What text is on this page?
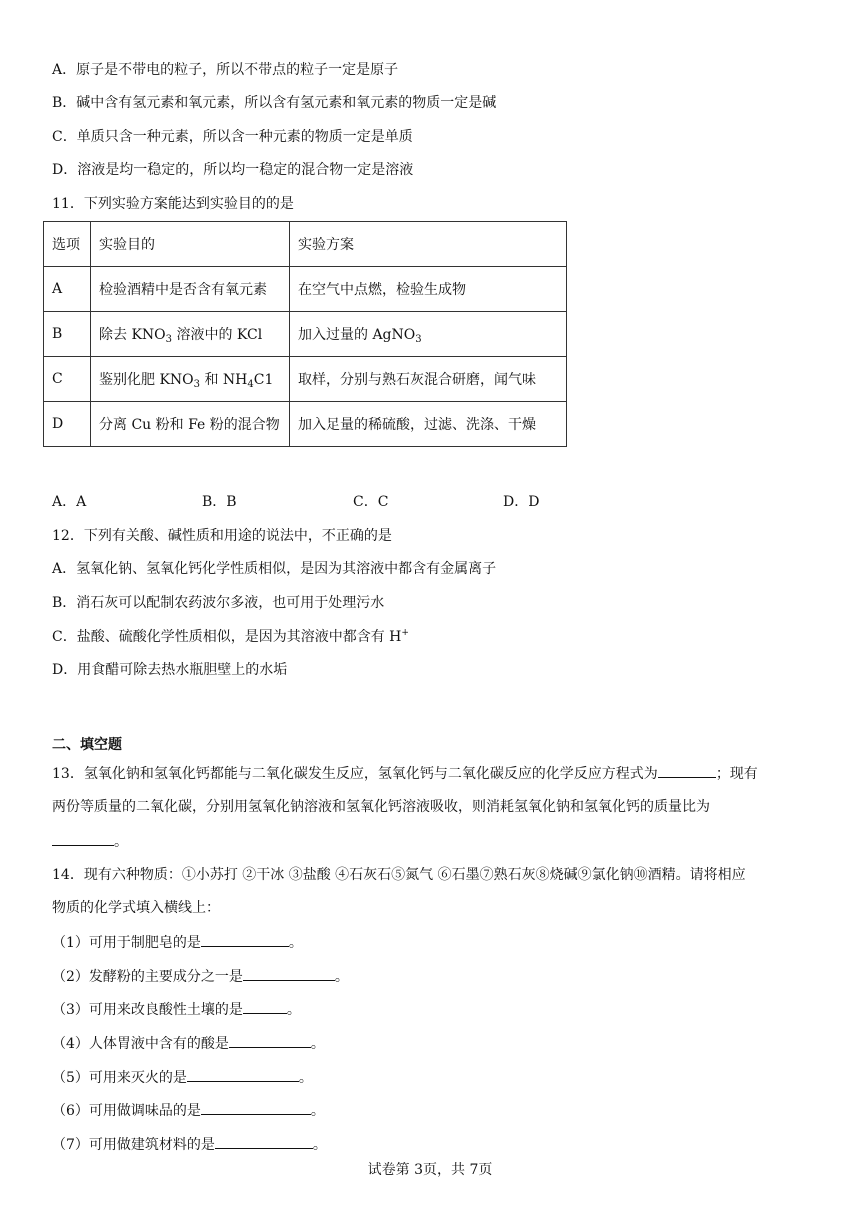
A．原子是不带电的粒子，所以不带点的粒子一定是原子
B．碱中含有氢元素和氧元素，所以含有氢元素和氧元素的物质一定是碱
C．单质只含一种元素，所以含一种元素的物质一定是单质
D．溶液是均一稳定的，所以均一稳定的混合物一定是溶液
11．下列实验方案能达到实验目的的是
选项	实验目的	实验方案
A	检验酒精中是否含有氧元素	在空气中点燃，检验生成物
B	除去 $KNO_3$ 溶液中的 KCl	加入过量的 AgNO$_3$
C	鉴别化肥 $KNO_3$ 和 $NH_4C1$	取样，分别与熟石灰混合研磨，闻气味
D	分离 Cu 粉和 Fe 粉的混合物	加入足量的稀硫酸，过滤、洗涤、干燥
A．A	B．B	C．C	D．D
12．下列有关酸、碱性质和用途的说法中，不正确的是
A．氢氧化钠、氢氧化钙化学性质相似，是因为其溶液中都含有金属离子
B．消石灰可以配制农药波尔多液，也可用于处理污水
C．盐酸、硫酸化学性质相似，是因为其溶液中都含有 H+
D．用食醋可除去热水瓶胆壁上的水垢
二、填空题
13．氢氧化钠和氢氧化钙都能与二氧化碳发生反应，氢氧化钙与二氧化碳反应的化学反应方程式为	；现有
两份等质量的二氧化碳，分别用氢氧化钠溶液和氢氧化钙溶液吸收，则消耗氢氧化钠和氢氧化钙的质量比为
。
14．现有六种物质：①小苏打 ②干冰 ③盐酸 ④石灰石⑤氮气 ⑥石墨⑦熟石灰⑧烧碱⑨氯化钠⑩酒精。请将相应
物质的化学式填入横线上：
（1）可用于制肥皂的是	。
（2）发酵粉的主要成分之一是	。
（3）可用来改良酸性土壤的是	。
（4）人体胃液中含有的酸是	。
（5）可用来灭火的是	。
（6）可用做调味品的是	。
（7）可用做建筑材料的是	。
试卷第 3页，共 7页
